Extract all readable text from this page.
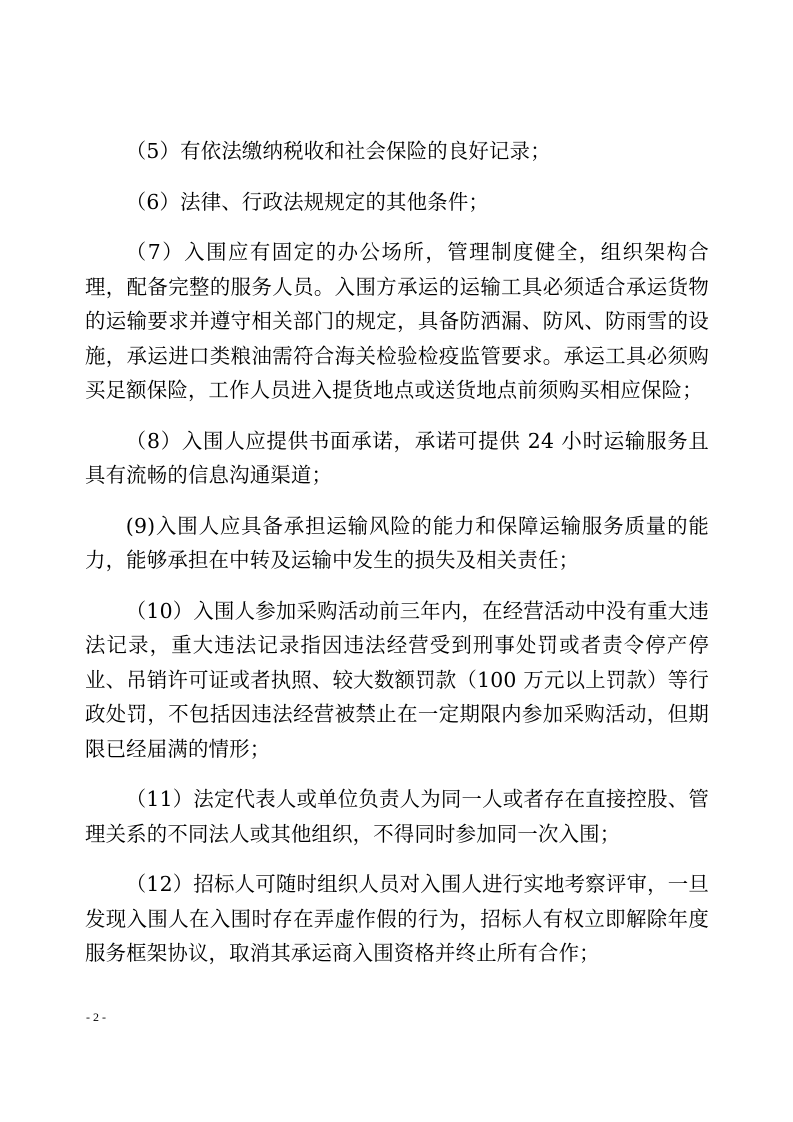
（5）有依法缴纳税收和社会保险的良好记录；

（6）法律、行政法规规定的其他条件；

（7）入围应有固定的办公场所，管理制度健全，组织架构合理，配备完整的服务人员。入围方承运的运输工具必须适合承运货物的运输要求并遵守相关部门的规定，具备防洒漏、防风、防雨雪的设施，承运进口类粮油需符合海关检验检疫监管要求。承运工具必须购买足额保险，工作人员进入提货地点或送货地点前须购买相应保险；

（8）入围人应提供书面承诺，承诺可提供 24 小时运输服务且具有流畅的信息沟通渠道；

(9)入围人应具备承担运输风险的能力和保障运输服务质量的能力，能够承担在中转及运输中发生的损失及相关责任；

（10）入围人参加采购活动前三年内，在经营活动中没有重大违法记录，重大违法记录指因违法经营受到刑事处罚或者责令停产停业、吊销许可证或者执照、较大数额罚款（100 万元以上罚款）等行政处罚，不包括因违法经营被禁止在一定期限内参加采购活动，但期限已经届满的情形；

（11）法定代表人或单位负责人为同一人或者存在直接控股、管理关系的不同法人或其他组织，不得同时参加同一次入围；

（12）招标人可随时组织人员对入围人进行实地考察评审，一旦发现入围人在入围时存在弄虚作假的行为，招标人有权立即解除年度服务框架协议，取消其承运商入围资格并终止所有合作；

- 2 -
